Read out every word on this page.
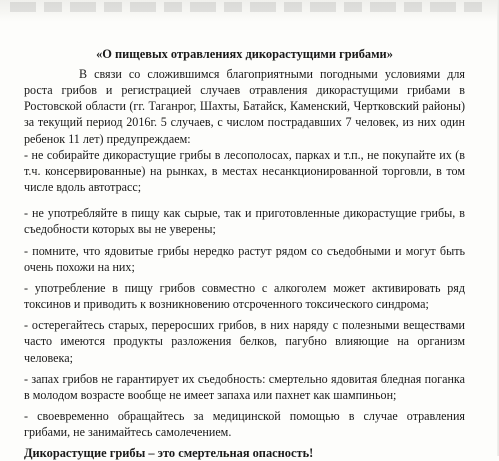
«О пищевых отравлениях дикорастущими грибами»

В связи со сложившимся благоприятными погодными условиями для роста грибов и регистрацией случаев отравления дикорастущими грибами в Ростовской области (гг. Таганрог, Шахты, Батайск, Каменский, Чертковский районы) за текущий период 2016г. 5 случаев, с числом пострадавших 7 человек, из них один ребенок 11 лет) предупреждаем:

- не собирайте дикорастущие грибы в лесополосах, парках и т.п., не покупайте их (в т.ч. консервированные) на рынках, в местах несанкционированной торговли, в том числе вдоль автотрасс;

- не употребляйте в пищу как сырые, так и приготовленные дикорастущие грибы, в съедобности которых вы не уверены;

- помните, что ядовитые грибы нередко растут рядом со съедобными и могут быть очень похожи на них;

- употребление в пищу грибов совместно с алкоголем может активировать ряд токсинов и приводить к возникновению отсроченного токсического синдрома;

- остерегайтесь старых, переросших грибов, в них наряду с полезными веществами часто имеются продукты разложения белков, пагубно влияющие на организм человека;

- запах грибов не гарантирует их съедобность: смертельно ядовитая бледная поганка в молодом возрасте вообще не имеет запаха или пахнет как шампиньон;

- своевременно обращайтесь за медицинской помощью в случае отравления грибами, не занимайтесь самолечением.

Дикорастущие грибы – это смертельная опасность!
